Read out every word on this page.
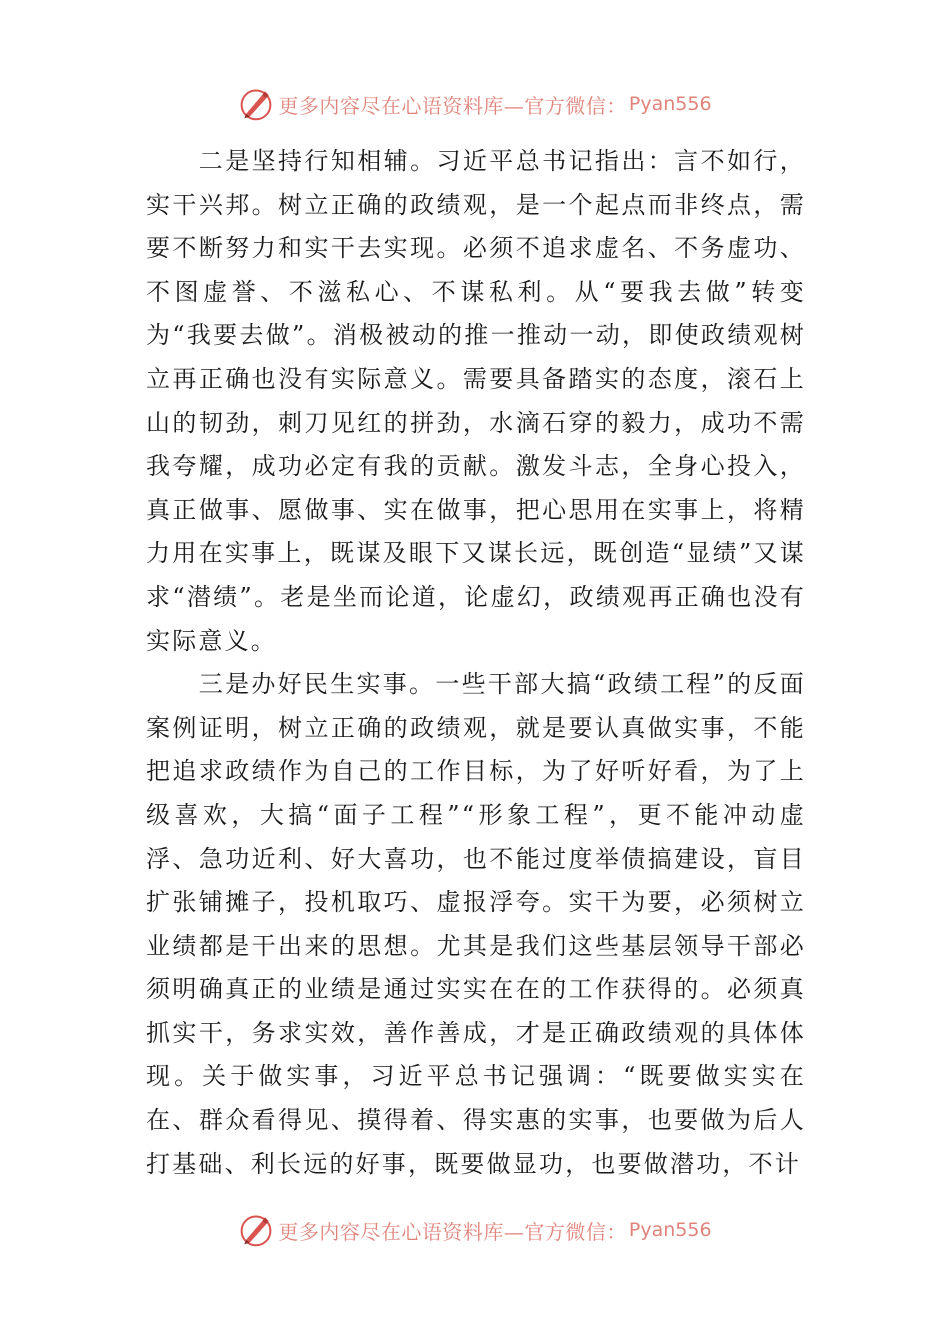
更多内容尽在心语资料库—官方微信： Pyan556

二是坚持行知相辅。习近平总书记指出：言不如行，实干兴邦。树立正确的政绩观，是一个起点而非终点，需要不断努力和实干去实现。必须不追求虚名、不务虚功、不图虚誉、不滋私心、不谋私利。从“要我去做”转变为“我要去做”。消极被动的推一推动一动，即使政绩观树立再正确也没有实际意义。需要具备踏实的态度，滚石上山的韧劲，刺刀见红的拼劲，水滴石穿的毅力，成功不需我夸耀，成功必定有我的贡献。激发斗志，全身心投入，真正做事、愿做事、实在做事，把心思用在实事上，将精力用在实事上，既谋及眼下又谋长远，既创造“显绩”又谋求“潜绩”。老是坐而论道，论虚幻，政绩观再正确也没有实际意义。

三是办好民生实事。一些干部大搞“政绩工程”的反面案例证明，树立正确的政绩观，就是要认真做实事，不能把追求政绩作为自己的工作目标，为了好听好看，为了上级喜欢，大搞“面子工程”“形象工程”，更不能冲动虚浮、急功近利、好大喜功，也不能过度举债搞建设，盲目扩张铺摊子，投机取巧、虚报浮夸。实干为要，必须树立业绩都是干出来的思想。尤其是我们这些基层领导干部必须明确真正的业绩是通过实实在在的工作获得的。必须真抓实干，务求实效，善作善成，才是正确政绩观的具体体现。关于做实事，习近平总书记强调：“既要做实实在在、群众看得见、摸得着、得实惠的实事，也要做为后人打基础、利长远的好事，既要做显功，也要做潜功，不计

更多内容尽在心语资料库—官方微信： Pyan556
